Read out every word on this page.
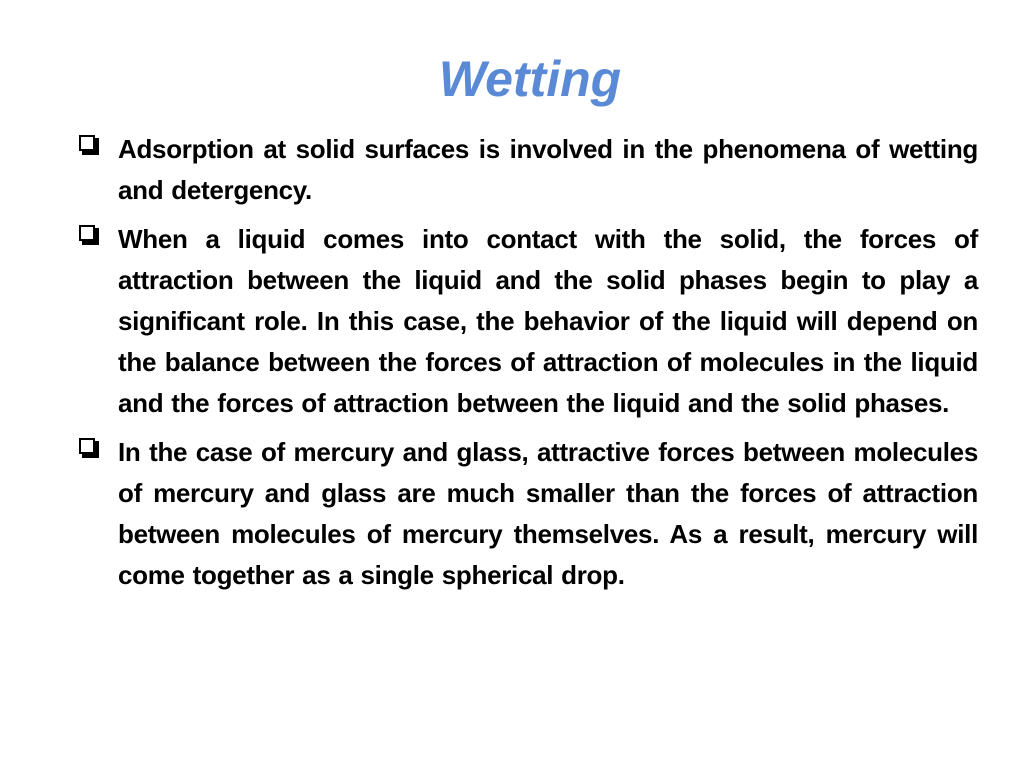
Wetting
Adsorption at solid surfaces is involved in the phenomena of wetting and detergency.
When a liquid comes into contact with the solid, the forces of attraction between the liquid and the solid phases begin to play a significant role. In this case, the behavior of the liquid will depend on the balance between the forces of attraction of molecules in the liquid and the forces of attraction between the liquid and the solid phases.
In the case of mercury and glass, attractive forces between molecules of mercury and glass are much smaller than the forces of attraction between molecules of mercury themselves. As a result, mercury will come together as a single spherical drop.
